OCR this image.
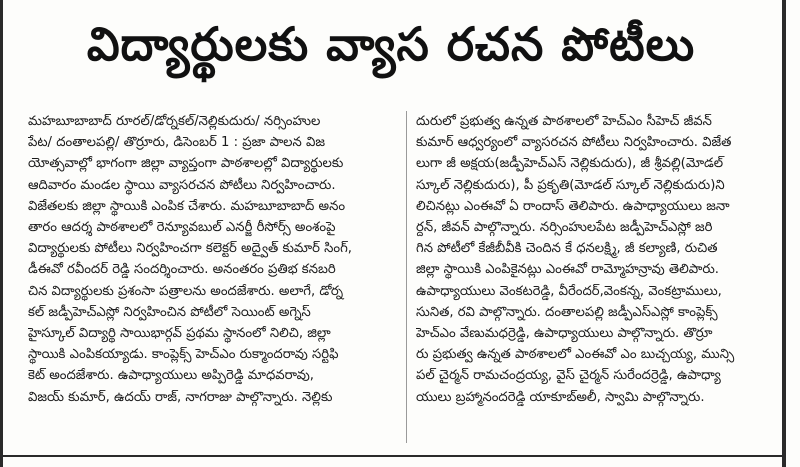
విద్యార్థులకు వ్యాస రచన పోటీలు
మహబూబాబాద్ రూరల్/డోర్నకల్/నెల్లికుదురు/ నర్సింహుల
పేట/ దంతాలపల్లి/ తొర్రూరు, డిసెంబర్ 1 : ప్రజా పాలన విజ
యోత్సవాల్లో భాగంగా జిల్లా వ్యాప్తంగా పాఠశాలల్లో విద్యార్థులకు
ఆదివారం మండల స్థాయి వ్యాసరచన పోటీలు నిర్వహించారు.
విజేతలకు జిల్లా స్థాయికి ఎంపిక చేశారు. మహబూబాబాద్ అనం
తారం ఆదర్శ పాఠశాలలో రెన్యూవబుల్ ఎనర్జీ రీసోర్స్ అంశంపై
విద్యార్థులకు పోటీలు నిర్వహించగా కలెక్టర్ అద్వైత్ కుమార్ సింగ్,
డీఈవో రవీందర్ రెడ్డి సందర్శించారు. అనంతరం ప్రతిభ కనబరి
చిన విద్యార్థులకు ప్రశంసా పత్రాలను అందజేశారు. అలాగే, డోర్న
కల్ జడ్పీహెచ్ఎస్లో నిర్వహించిన పోటీలో సెయింట్ అగ్నెస్
హైస్కూల్ విద్యార్థి సాయిభార్గవ్ ప్రథమ స్థానంలో నిలిచి, జిల్లా
స్థాయికి ఎంపికయ్యాడు. కాంప్లెక్స్ హెచ్ఎం రుక్మాందరావు సర్టిఫి
కెట్ అందజేశారు. ఉపాధ్యాయులు అప్పిరెడ్డి మాధవరావు,
విజయ్ కుమార్, ఉదయ్ రాజ్, నాగరాజు పాల్గొన్నారు. నెల్లికు
దురులో ప్రభుత్వ ఉన్నత పాఠశాలలో హెచ్ఎం సీహెచ్ జీవన్
కుమార్ ఆధ్వర్యంలో వ్యాసరచన పోటీలు నిర్వహించారు. విజేత
లుగా జీ అక్షయ(జడ్పీహెచ్ఎస్ నెల్లికుదురు), జీ శ్రీవల్లి(మోడల్
స్కూల్ నెల్లికుదురు), పీ ప్రకృతి(మోడల్ స్కూల్ నెల్లికుదురు)ని
లిచినట్లు ఎంఈవో ఏ రాందాస్ తెలిపారు. ఉపాధ్యాయులు జనా
ర్దన్, జీవన్ పాల్గొన్నారు. నర్సింహులపేట జడ్పీహెచ్ఎస్లో జరి
గిన పోటీలో కేజీబీవీకి చెందిన కే ధనలక్ష్మి, జీ కల్యాణి, రుచిత
జిల్లా స్థాయికి ఎంపికైనట్లు ఎంఈవో రామ్మోహన్రావు తెలిపారు.
ఉపాధ్యాయులు వెంకటరెడ్డి, వీరేందర్,వెంకన్న, వెంకట్రాములు,
సునిత, రవి పాల్గొన్నారు. దంతాలపల్లి జడ్పీఎస్ఎస్లో కాంప్లెక్స్
హెచ్ఎం వేణుమధర్రెడ్డి, ఉపాధ్యాయులు పాల్గొన్నారు. తొర్రూ
రు ప్రభుత్వ ఉన్నత పాఠశాలలో ఎంఈవో ఎం బుచ్చయ్య, మున్సి
పల్ చైర్మన్ రామచంద్రయ్య, వైస్ చైర్మన్ సురేందర్రెడ్డి, ఉపాధ్యా
యులు బ్రహ్మానందరెడ్డి యాకూబ్అలీ, స్వామి పాల్గొన్నారు.
